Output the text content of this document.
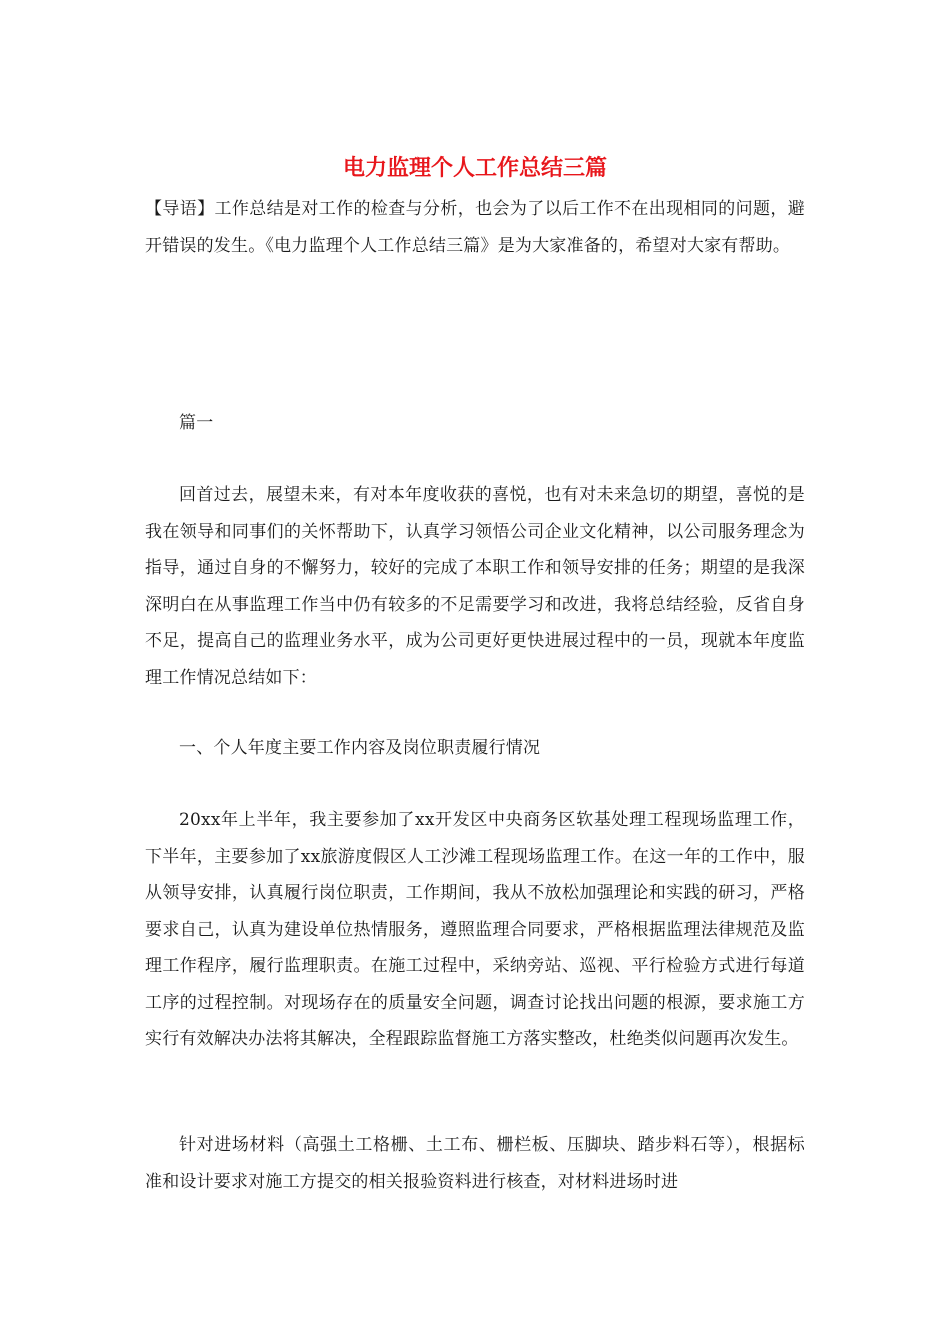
电力监理个人工作总结三篇

【导语】工作总结是对工作的检查与分析，也会为了以后工作不在出现相同的问题，避开错误的发生。《电力监理个人工作总结三篇》是为大家准备的，希望对大家有帮助。

篇一

回首过去，展望未来，有对本年度收获的喜悦，也有对未来急切的期望，喜悦的是我在领导和同事们的关怀帮助下，认真学习领悟公司企业文化精神，以公司服务理念为指导，通过自身的不懈努力，较好的完成了本职工作和领导安排的任务；期望的是我深深明白在从事监理工作当中仍有较多的不足需要学习和改进，我将总结经验，反省自身不足，提高自己的监理业务水平，成为公司更好更快进展过程中的一员，现就本年度监理工作情况总结如下：

一、个人年度主要工作内容及岗位职责履行情况

20xx年上半年，我主要参加了xx开发区中央商务区软基处理工程现场监理工作，下半年，主要参加了xx旅游度假区人工沙滩工程现场监理工作。在这一年的工作中，服从领导安排，认真履行岗位职责，工作期间，我从不放松加强理论和实践的研习，严格要求自己，认真为建设单位热情服务，遵照监理合同要求，严格根据监理法律规范及监理工作程序，履行监理职责。在施工过程中，采纳旁站、巡视、平行检验方式进行每道工序的过程控制。对现场存在的质量安全问题，调查讨论找出问题的根源，要求施工方实行有效解决办法将其解决，全程跟踪监督施工方落实整改，杜绝类似问题再次发生。

针对进场材料（高强土工格栅、土工布、栅栏板、压脚块、踏步料石等），根据标准和设计要求对施工方提交的相关报验资料进行核查，对材料进场时进
